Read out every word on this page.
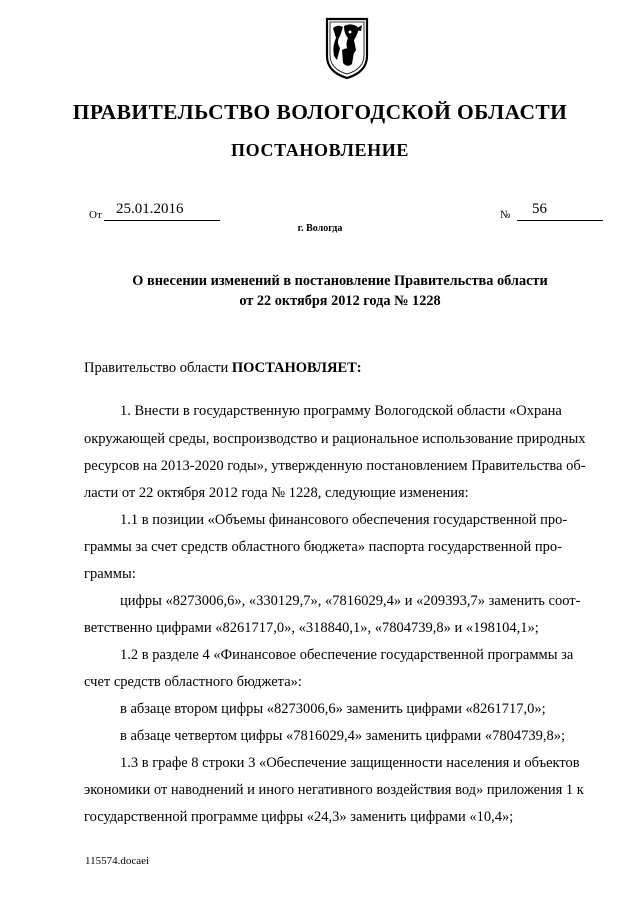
ПРАВИТЕЛЬСТВО ВОЛОГОДСКОЙ ОБЛАСТИ
ПОСТАНОВЛЕНИЕ
От 25.01.2016	№ 56
г. Вологда
О внесении изменений в постановление Правительства области
от 22 октября 2012 года № 1228
Правительство области ПОСТАНОВЛЯЕТ:
1. Внести в государственную программу Вологодской области «Охрана
окружающей среды, воспроизводство и рациональное использование природных
ресурсов на 2013-2020 годы», утвержденную постановлением Правительства об-
ласти от 22 октября 2012 года № 1228, следующие изменения:
1.1 в позиции «Объемы финансового обеспечения государственной про-
граммы за счет средств областного бюджета» паспорта государственной про-
граммы:
цифры «8273006,6», «330129,7», «7816029,4» и «209393,7» заменить соот-
ветственно цифрами «8261717,0», «318840,1», «7804739,8» и «198104,1»;
1.2 в разделе 4 «Финансовое обеспечение государственной программы за
счет средств областного бюджета»:
в абзаце втором цифры «8273006,6» заменить цифрами «8261717,0»;
в абзаце четвертом цифры «7816029,4» заменить цифрами «7804739,8»;
1.3 в графе 8 строки 3 «Обеспечение защищенности населения и объектов
экономики от наводнений и иного негативного воздействия вод» приложения 1 к
государственной программе цифры «24,3» заменить цифрами «10,4»;
115574.docaei
